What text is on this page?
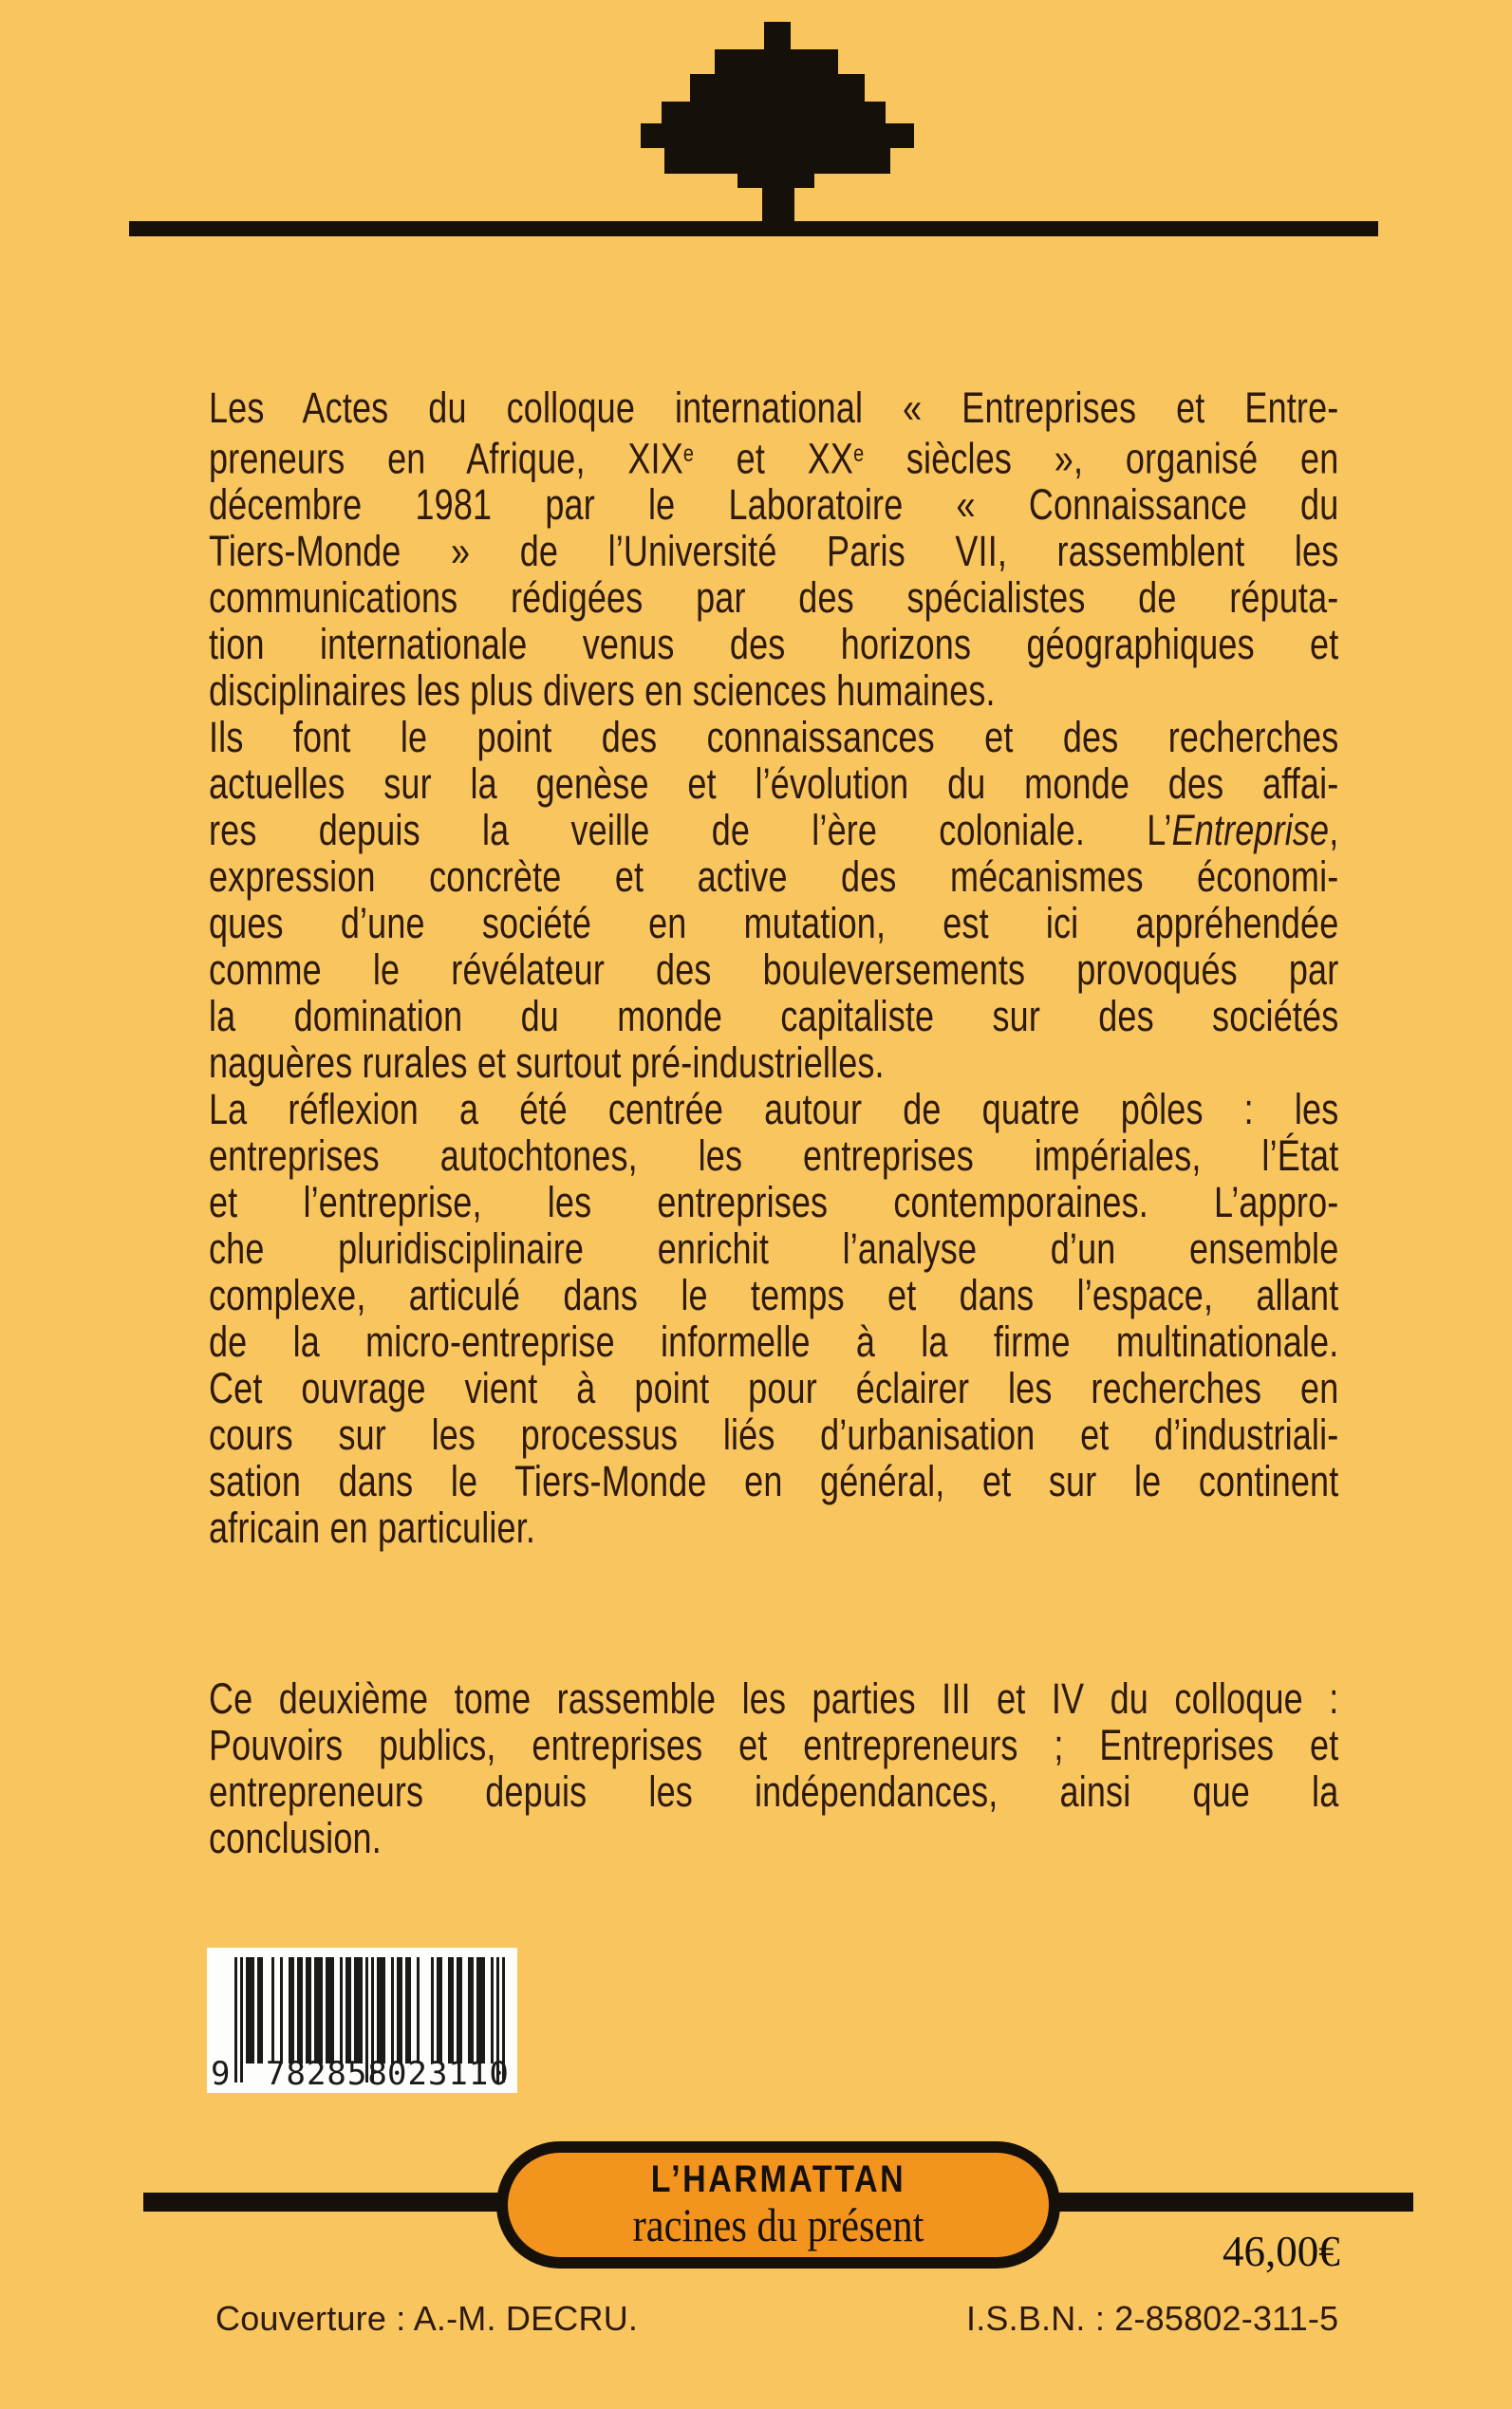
Les Actes du colloque international « Entreprises et Entre-

preneurs en Afrique, XIXe et XXe siècles », organisé en

décembre 1981 par le Laboratoire « Connaissance du

Tiers-Monde » de l’Université Paris VII, rassemblent les

communications rédigées par des spécialistes de réputa-

tion internationale venus des horizons géographiques et

disciplinaires les plus divers en sciences humaines.

Ils font le point des connaissances et des recherches

actuelles sur la genèse et l’évolution du monde des affai-

res depuis la veille de l’ère coloniale. L’Entreprise,

expression concrète et active des mécanismes économi-

ques d’une société en mutation, est ici appréhendée

comme le révélateur des bouleversements provoqués par

la domination du monde capitaliste sur des sociétés

naguères rurales et surtout pré-industrielles.

La réflexion a été centrée autour de quatre pôles : les

entreprises autochtones, les entreprises impériales, l’État

et l’entreprise, les entreprises contemporaines. L’appro-

che pluridisciplinaire enrichit l’analyse d’un ensemble

complexe, articulé dans le temps et dans l’espace, allant

de la micro-entreprise informelle à la firme multinationale.

Cet ouvrage vient à point pour éclairer les recherches en

cours sur les processus liés d’urbanisation et d’industriali-

sation dans le Tiers-Monde en général, et sur le continent

africain en particulier.

Ce deuxième tome rassemble les parties III et IV du colloque :

Pouvoirs publics, entreprises et entrepreneurs ; Entreprises et

entrepreneurs depuis les indépendances, ainsi que la

conclusion.

9 782858 023110
L’HARMATTAN
racines du présent	46,00€
Couverture : A.-M. DECRU.	I.S.B.N. : 2-85802-311-5
